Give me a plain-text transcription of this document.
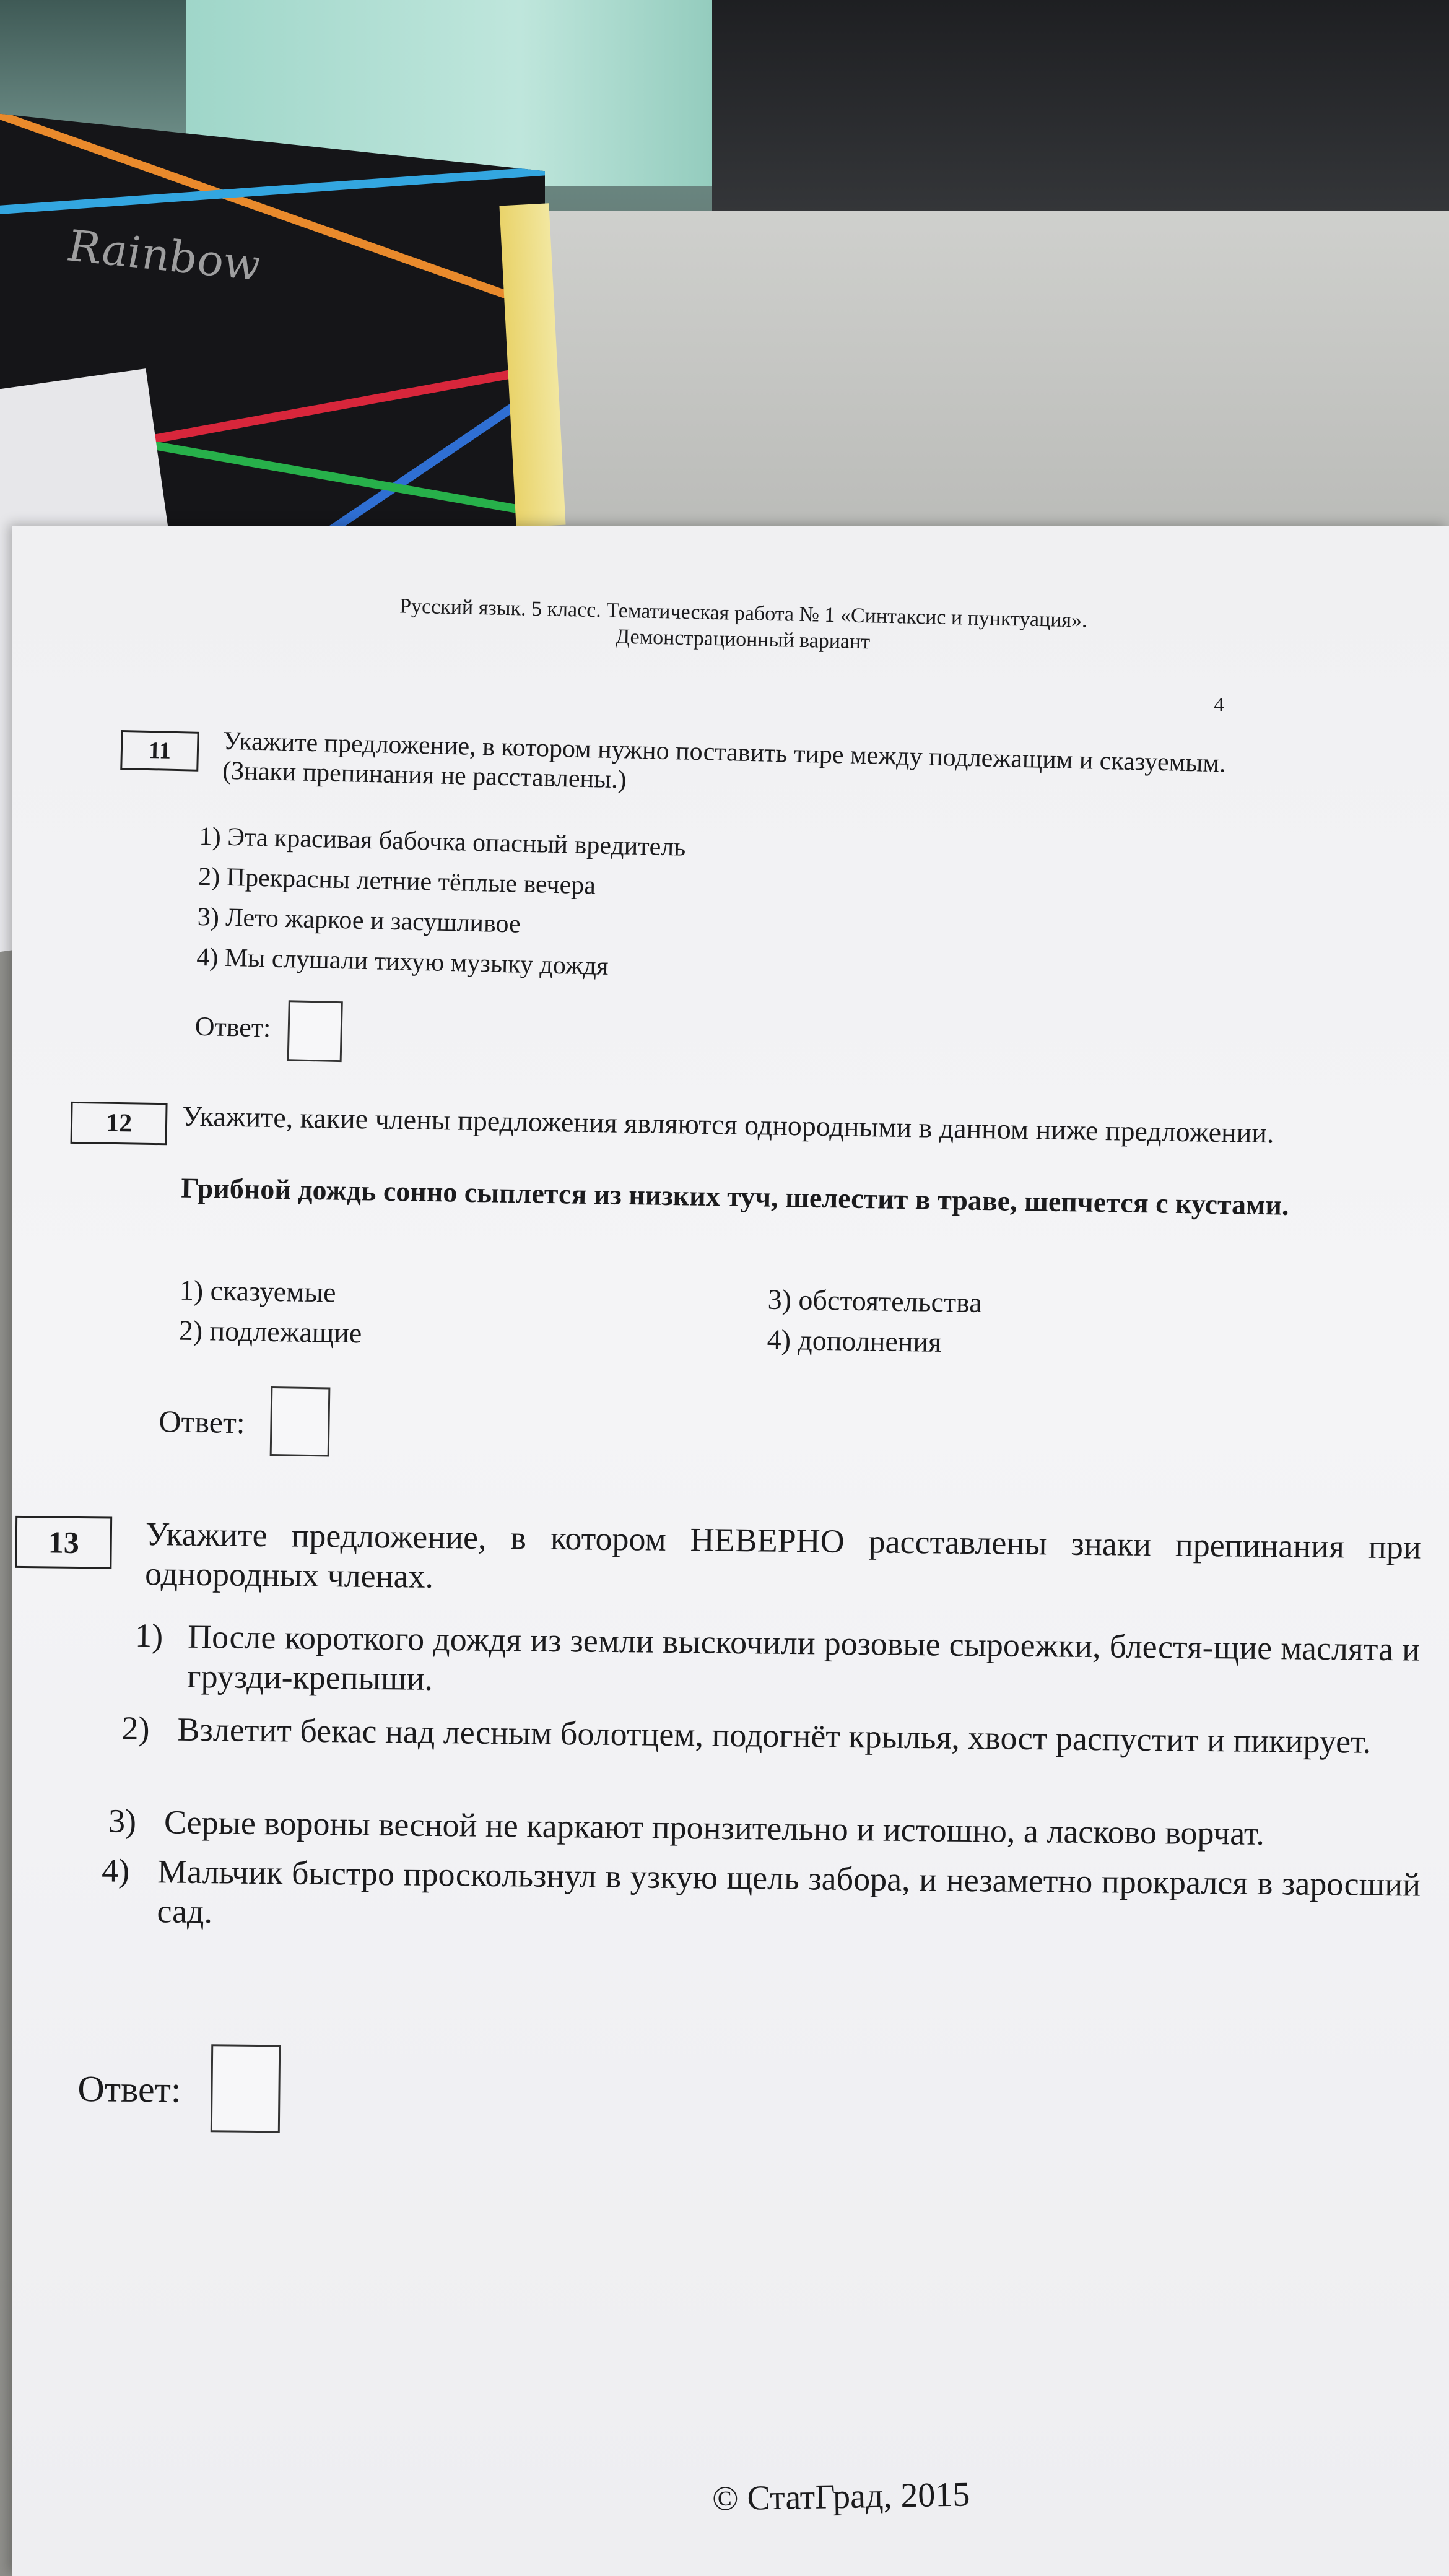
Rainbow
Русский язык. 5 класс. Тематическая работа № 1 «Синтаксис и пунктуация».
Демонстрационный вариант
4
11	Укажите предложение, в котором нужно поставить тире между подлежащим и сказуемым. (Знаки препинания не расставлены.)
1) Эта красивая бабочка опасный вредитель
2) Прекрасны летние тёплые вечера
3) Лето жаркое и засушливое
4) Мы слушали тихую музыку дождя
Ответ:
12	Укажите, какие члены предложения являются однородными в данном ниже предложении.
Грибной дождь сонно сыплется из низких туч, шелестит в траве, шепчется с кустами.
1) сказуемые
2) подлежащие
3) обстоятельства
4) дополнения
Ответ:
13	Укажите предложение, в котором НЕВЕРНО расставлены знаки препинания при однородных членах.
1) После короткого дождя из земли выскочили розовые сыроежки, блестя-щие маслята и грузди-крепыши.
2) Взлетит бекас над лесным болотцем, подогнёт крылья, хвост распустит и пикирует.
3) Серые вороны весной не каркают пронзительно и истошно, а ласково ворчат.
4) Мальчик быстро проскользнул в узкую щель забора, и незаметно прокрался в заросший сад.
Ответ:
© СтатГрад, 2015
